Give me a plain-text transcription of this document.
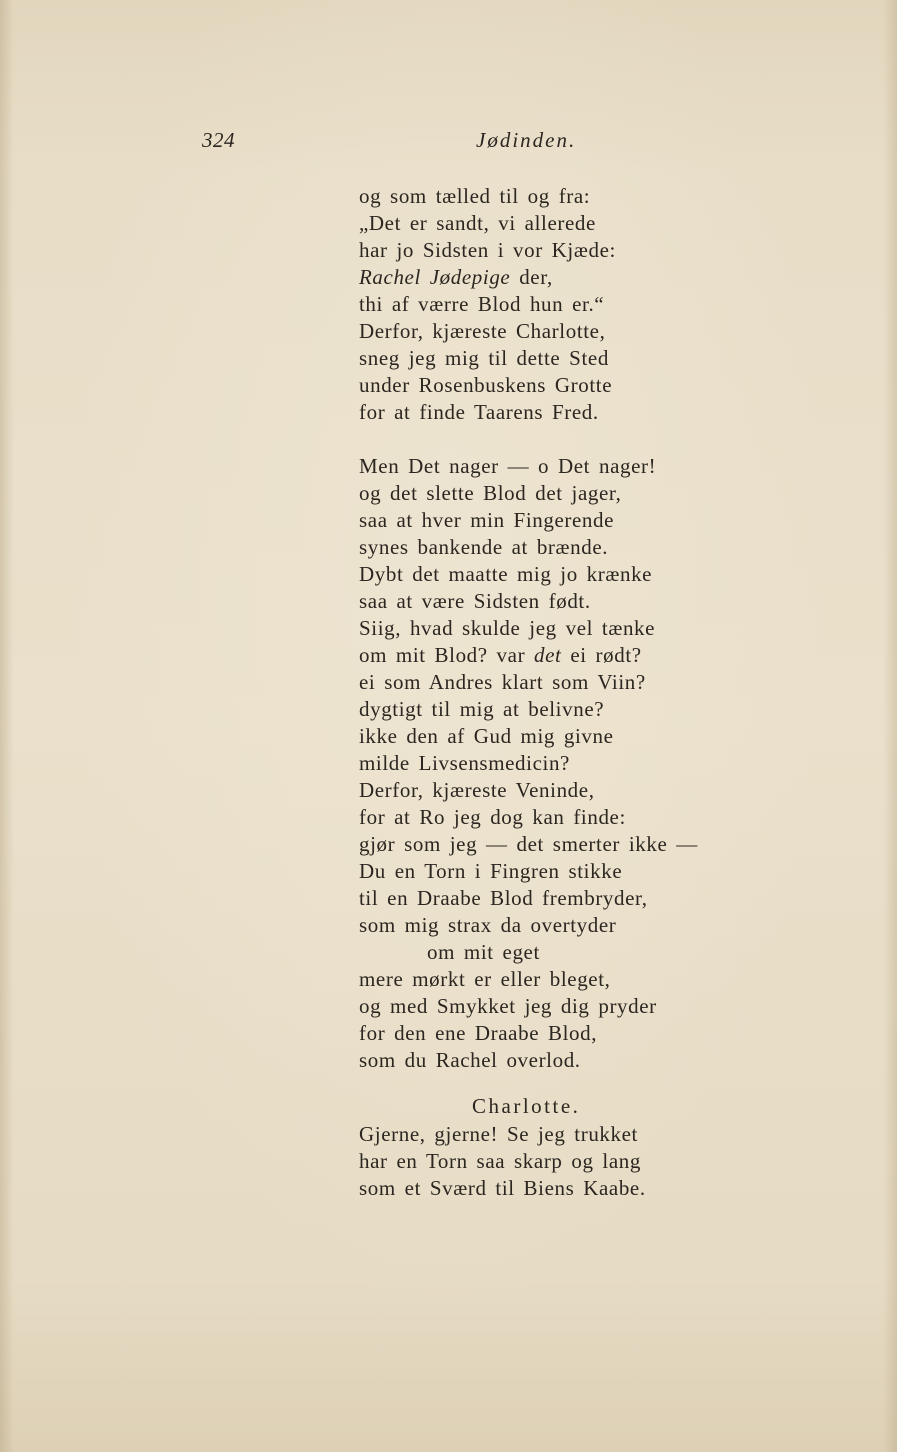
324	Jødinden.
og som tælled til og fra:
„Det er sandt, vi allerede
har jo Sidsten i vor Kjæde:
Rachel Jødepige der,
thi af værre Blod hun er.“
Derfor, kjæreste Charlotte,
sneg jeg mig til dette Sted
under Rosenbuskens Grotte
for at finde Taarens Fred.
Men Det nager — o Det nager!
og det slette Blod det jager,
saa at hver min Fingerende
synes bankende at brænde.
Dybt det maatte mig jo krænke
saa at være Sidsten født.
Siig, hvad skulde jeg vel tænke
om mit Blod? var det ei rødt?
ei som Andres klart som Viin?
dygtigt til mig at belivne?
ikke den af Gud mig givne
milde Livsensmedicin?
Derfor, kjæreste Veninde,
for at Ro jeg dog kan finde:
gjør som jeg — det smerter ikke —
Du en Torn i Fingren stikke
til en Draabe Blod frembryder,
som mig strax da overtyder
om mit eget
mere mørkt er eller bleget,
og med Smykket jeg dig pryder
for den ene Draabe Blod,
som du Rachel overlod.
Charlotte.
Gjerne, gjerne! Se jeg trukket
har en Torn saa skarp og lang
som et Sværd til Biens Kaabe.
